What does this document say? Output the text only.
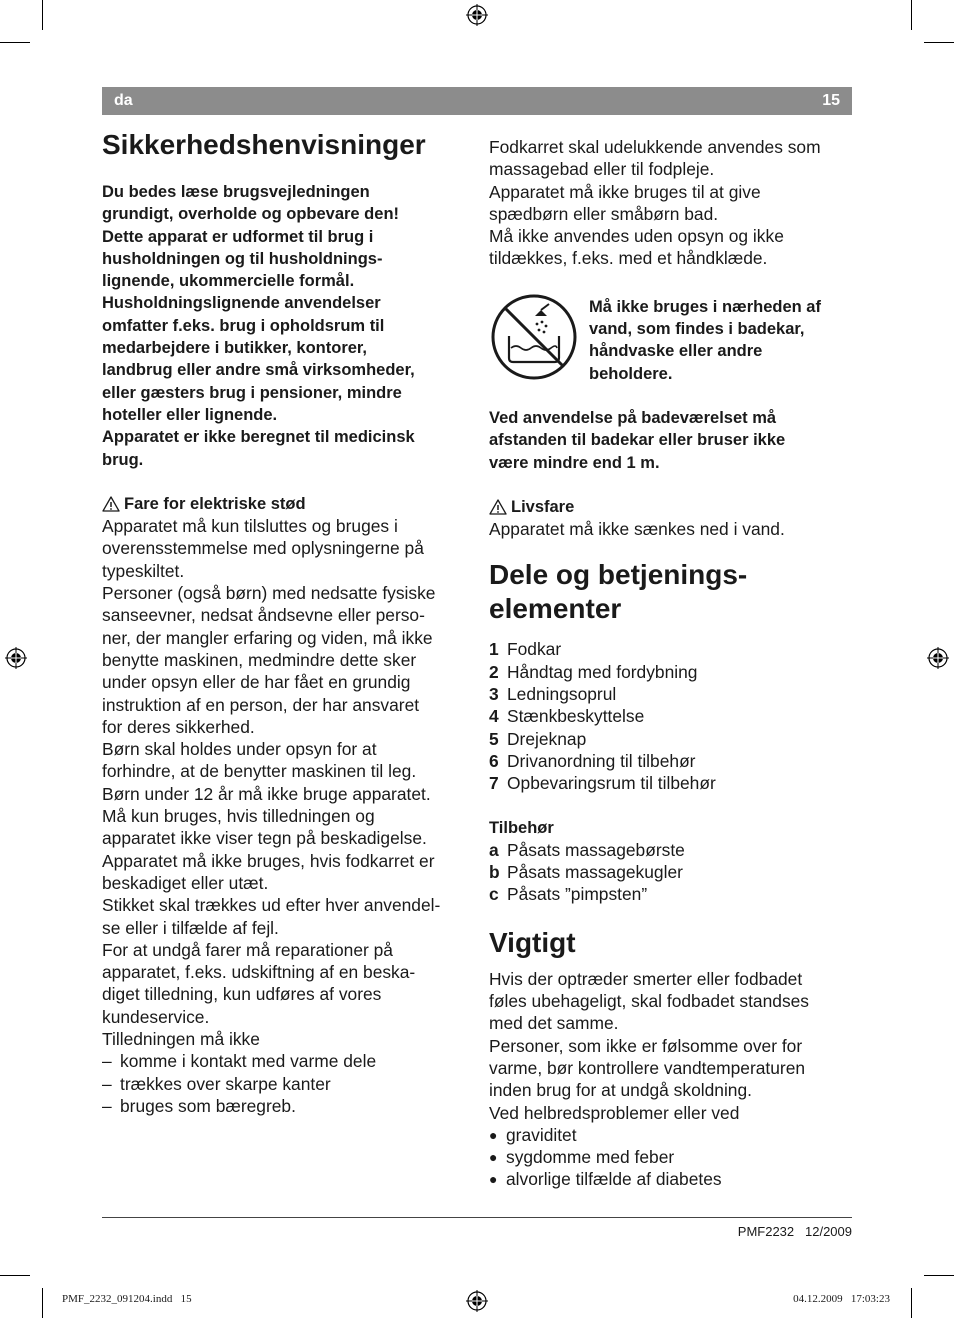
da	15
Sikkerhedshenvisninger

Du bedes læse brugsvejledningen

grundigt, overholde og opbevare den!

Dette apparat er udformet til brug i

husholdningen og til husholdnings-

lignende, ukommercielle formål.

Husholdningslignende anvendelser

omfatter f.eks. brug i opholdsrum til

medarbejdere i butikker, kontorer,

landbrug eller andre små virksomheder,

eller gæsters brug i pensioner, mindre

hoteller eller lignende.

Apparatet er ikke beregnet til medicinsk

brug.

Fare for elektriske stød

Apparatet må kun tilsluttes og bruges i

overensstemmelse med oplysningerne på

typeskiltet.

Personer (også børn) med nedsatte fysiske

sanseevner, nedsat åndsevne eller perso-

ner, der mangler erfaring og viden, må ikke

benytte maskinen, medmindre dette sker

under opsyn eller de har fået en grundig

instruktion af en person, der har ansvaret

for deres sikkerhed.

Børn skal holdes under opsyn for at

forhindre, at de benytter maskinen til leg.

Børn under 12 år må ikke bruge apparatet.

Må kun bruges, hvis tilledningen og

apparatet ikke viser tegn på beskadigelse.

Apparatet må ikke bruges, hvis fodkarret er

beskadiget eller utæt.

Stikket skal trækkes ud efter hver anvendel-

se eller i tilfælde af fejl.

For at undgå farer må reparationer på

apparatet, f.eks. udskiftning af en beska-

diget tilledning, kun udføres af vores

kundeservice.

Tilledningen må ikke

– komme i kontakt med varme dele
– trækkes over skarpe kanter
– bruges som bæregreb.

Fodkarret skal udelukkende anvendes som

massagebad eller til fodpleje.

Apparatet må ikke bruges til at give

spædbørn eller småbørn bad.

Må ikke anvendes uden opsyn og ikke

tildækkes, f.eks. med et håndklæde.

Må ikke bruges i nærheden af

vand, som findes i badekar,

håndvaske eller andre

beholdere.

Ved anvendelse på badeværelset må

afstanden til badekar eller bruser ikke

være mindre end 1 m.

Livsfare

Apparatet må ikke sænkes ned i vand.

Dele og betjenings-
elementer
1 Fodkar
2 Håndtag med fordybning
3 Ledningsoprul
4 Stænkbeskyttelse
5 Drejeknap
6 Drivanordning til tilbehør
7 Opbevaringsrum til tilbehør
Tilbehør
a Påsats massagebørste
b Påsats massagekugler
c Påsats ”pimpsten”
Vigtigt

Hvis der optræder smerter eller fodbadet

føles ubehageligt, skal fodbadet standses

med det samme.

Personer, som ikke er følsomme over for

varme, bør kontrollere vandtemperaturen

inden brug for at undgå skoldning.

Ved helbredsproblemer eller ved

● graviditet
● sygdomme med feber
● alvorlige tilfælde af diabetes
PMF2232 12/2009
PMF_2232_091204.indd   15	04.12.2009   17:03:23
